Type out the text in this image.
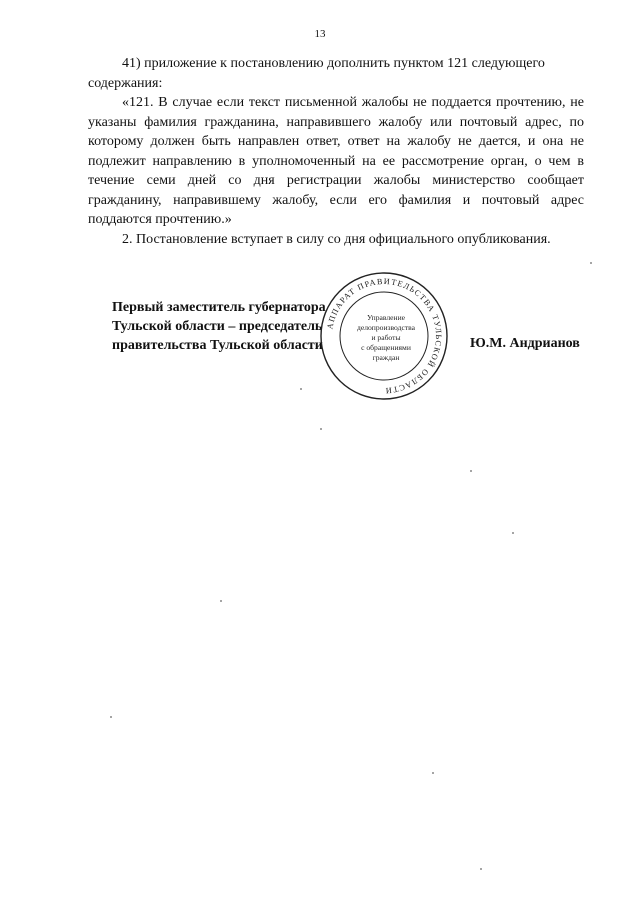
13

41) приложение к постановлению дополнить пунктом 121 следующего содержания:

«121. В случае если текст письменной жалобы не поддается прочтению, не указаны фамилия гражданина, направившего жалобу или почтовый адрес, по которому должен быть направлен ответ, ответ на жалобу не дается, и она не подлежит направлению в уполномоченный на ее рассмотрение орган, о чем в течение семи дней со дня регистрации жалобы министерство сообщает гражданину, направившему жалобу, если его фамилия и почтовый адрес поддаются прочтению.»

2. Постановление вступает в силу со дня официального опубликования.

Первый заместитель губернатора
Тульской области – председатель
правительства Тульской области
АППАРАТ ПРАВИТЕЛЬСТВА ТУЛЬСКОЙ ОБЛАСТИ
Управление
делопроизводства
и работы
с обращениями
граждан
Ю.М. Андрианов
